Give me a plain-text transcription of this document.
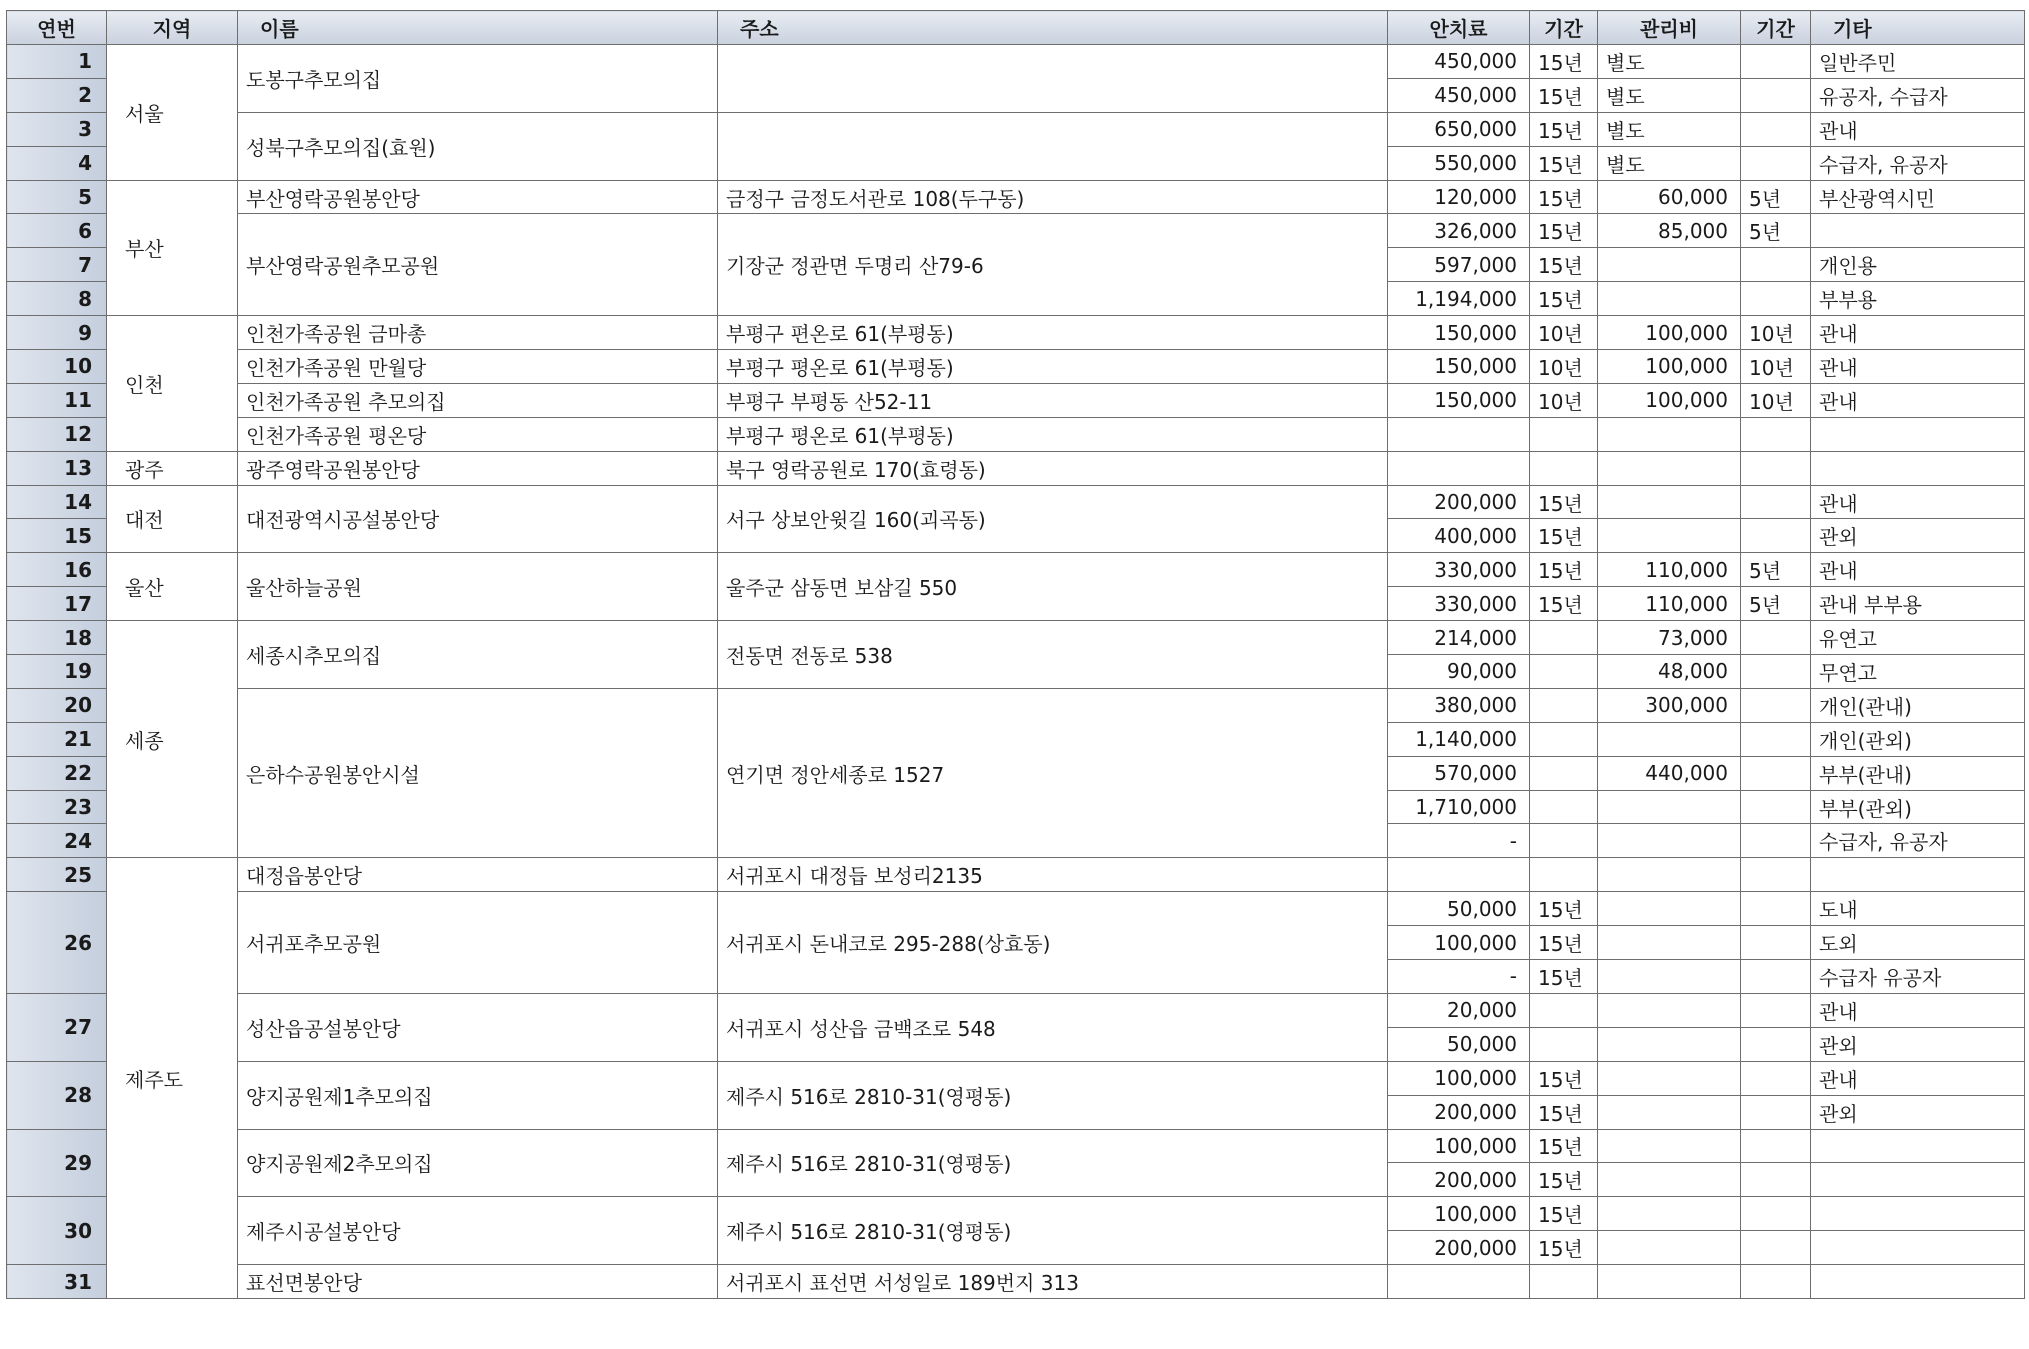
연번	지역	이름	주소	안치료	기간	관리비	기간	기타
1	서울	도봉구추모의집		450,000	15년	별도		일반주민
2				450,000	15년	별도		유공자, 수급자
3		성북구추모의집(효원)		650,000	15년	별도		관내
4				550,000	15년	별도		수급자, 유공자
5	부산	부산영락공원봉안당	금정구 금정도서관로 108(두구동)	120,000	15년	60,000	5년	부산광역시민
6		부산영락공원추모공원	기장군 정관면 두명리 산79-6	326,000	15년	85,000	5년	
7				597,000	15년			개인용
8				1,194,000	15년			부부용
9	인천	인천가족공원 금마총	부평구 편온로 61(부평동)	150,000	10년	100,000	10년	관내
10		인천가족공원 만월당	부평구 평온로 61(부평동)	150,000	10년	100,000	10년	관내
11		인천가족공원 추모의집	부평구 부평동 산52-11	150,000	10년	100,000	10년	관내
12		인천가족공원 평온당	부평구 평온로 61(부평동)					
13	광주	광주영락공원봉안당	북구 영락공원로 170(효령동)					
14	대전	대전광역시공설봉안당	서구 상보안윗길 160(괴곡동)	200,000	15년			관내
15				400,000	15년			관외
16	울산	울산하늘공원	울주군 삼동면 보삼길 550	330,000	15년	110,000	5년	관내
17				330,000	15년	110,000	5년	관내 부부용
18	세종	세종시추모의집	전동면 전동로 538	214,000		73,000		유연고
19				90,000		48,000		무연고
20		은하수공원봉안시설	연기면 정안세종로 1527	380,000		300,000		개인(관내)
21				1,140,000				개인(관외)
22				570,000		440,000		부부(관내)
23				1,710,000				부부(관외)
24				-				수급자, 유공자
25	제주도	대정읍봉안당	서귀포시 대정듭 보성리2135					
26		서귀포추모공원	서귀포시 돈내코로 295-288(상효동)	50,000	15년			도내
				100,000	15년			도외
				-	15년			수급자 유공자
27		성산읍공설봉안당	서귀포시 성산읍 금백조로 548	20,000				관내
				50,000				관외
28		양지공원제1추모의집	제주시 516로 2810-31(영평동)	100,000	15년			관내
				200,000	15년			관외
29		양지공원제2추모의집	제주시 516로 2810-31(영평동)	100,000	15년			
				200,000	15년			
30		제주시공설봉안당	제주시 516로 2810-31(영평동)	100,000	15년			
				200,000	15년			
31		표선면봉안당	서귀포시 표선면 서성일로 189번지 313					
